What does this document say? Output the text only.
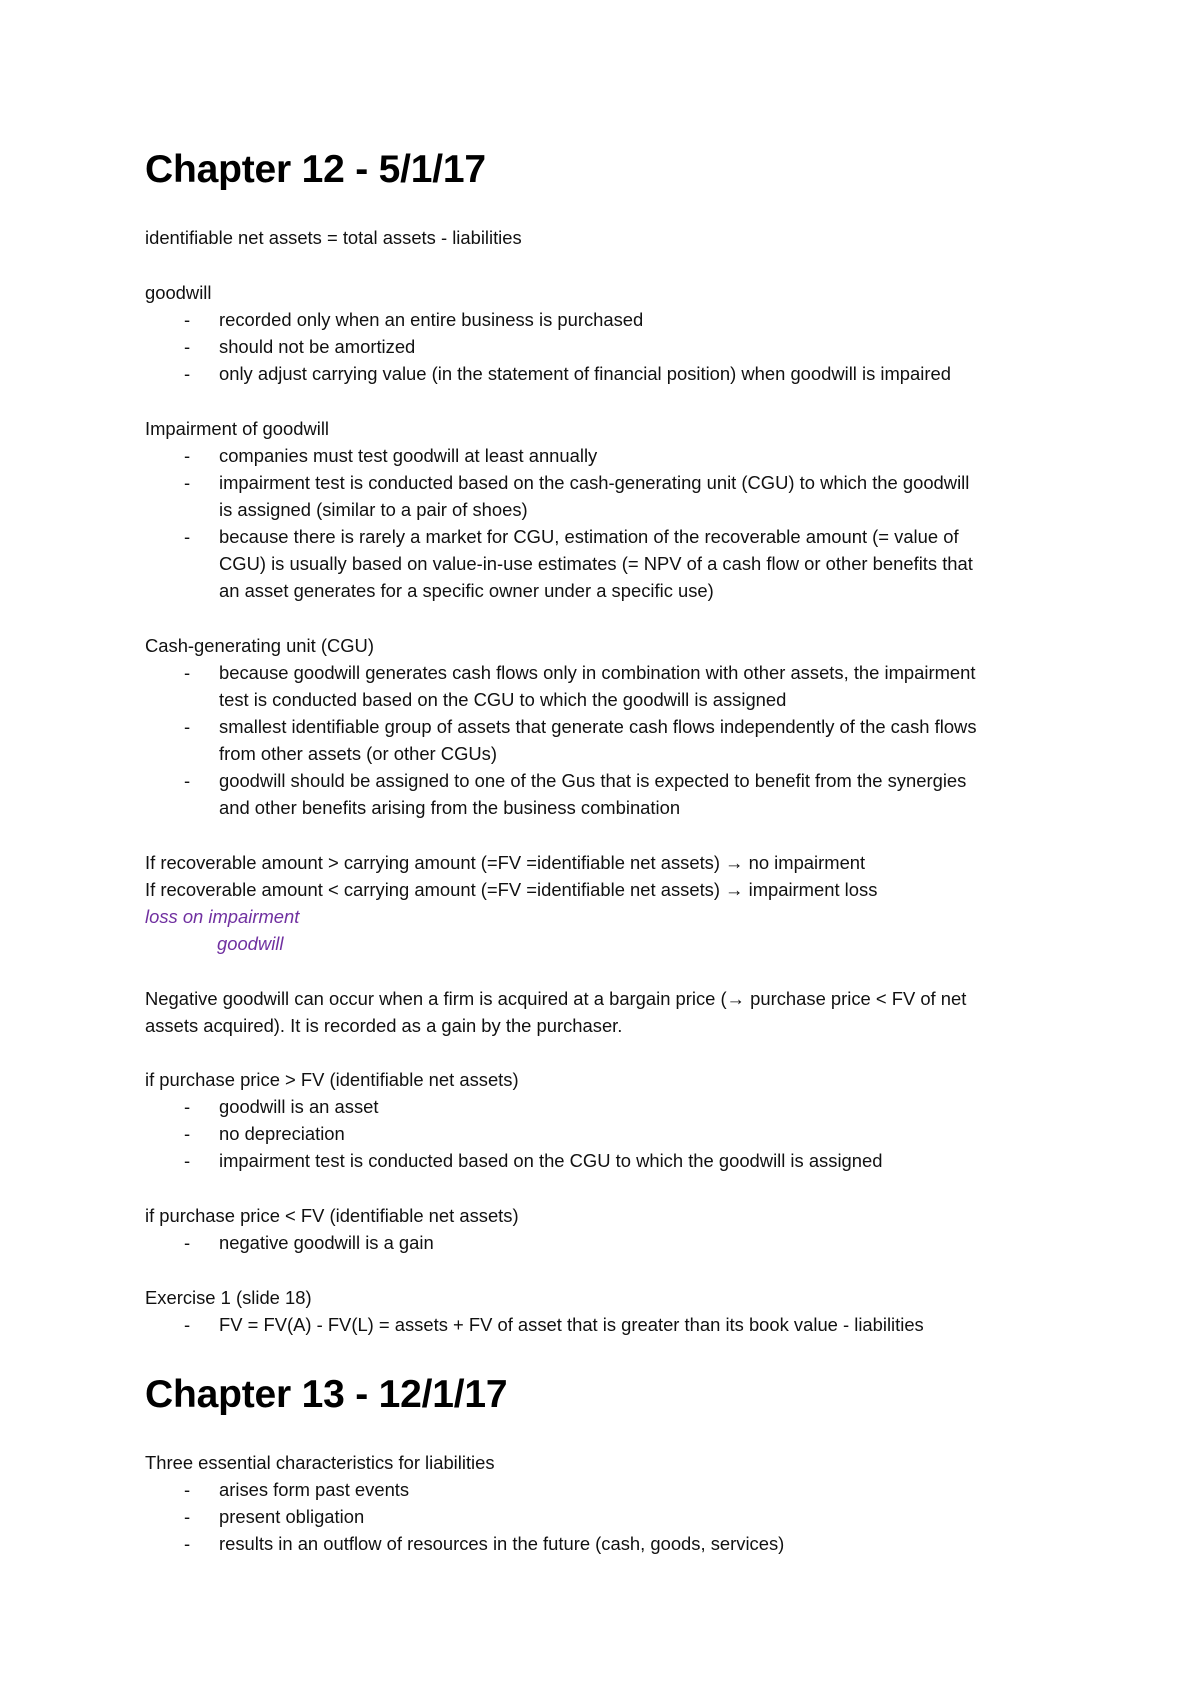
Chapter 12 - 5/1/17
identifiable net assets = total assets - liabilities
goodwill
- recorded only when an entire business is purchased
- should not be amortized
- only adjust carrying value (in the statement of financial position) when goodwill is impaired
Impairment of goodwill
- companies must test goodwill at least annually
- impairment test is conducted based on the cash-generating unit (CGU) to which the goodwill
is assigned (similar to a pair of shoes)
- because there is rarely a market for CGU, estimation of the recoverable amount (= value of
CGU) is usually based on value-in-use estimates (= NPV of a cash flow or other benefits that
an asset generates for a specific owner under a specific use)
Cash-generating unit (CGU)
- because goodwill generates cash flows only in combination with other assets, the impairment
test is conducted based on the CGU to which the goodwill is assigned
- smallest identifiable group of assets that generate cash flows independently of the cash flows
from other assets (or other CGUs)
- goodwill should be assigned to one of the Gus that is expected to benefit from the synergies
and other benefits arising from the business combination
If recoverable amount > carrying amount (=FV =identifiable net assets) → no impairment
If recoverable amount < carrying amount (=FV =identifiable net assets) → impairment loss
loss on impairment
goodwill
Negative goodwill can occur when a firm is acquired at a bargain price (→ purchase price < FV of net
assets acquired). It is recorded as a gain by the purchaser.
if purchase price > FV (identifiable net assets)
- goodwill is an asset
- no depreciation
- impairment test is conducted based on the CGU to which the goodwill is assigned
if purchase price < FV (identifiable net assets)
- negative goodwill is a gain
Exercise 1 (slide 18)
- FV = FV(A) - FV(L) = assets + FV of asset that is greater than its book value - liabilities
Chapter 13 - 12/1/17
Three essential characteristics for liabilities
- arises form past events
- present obligation
- results in an outflow of resources in the future (cash, goods, services)
